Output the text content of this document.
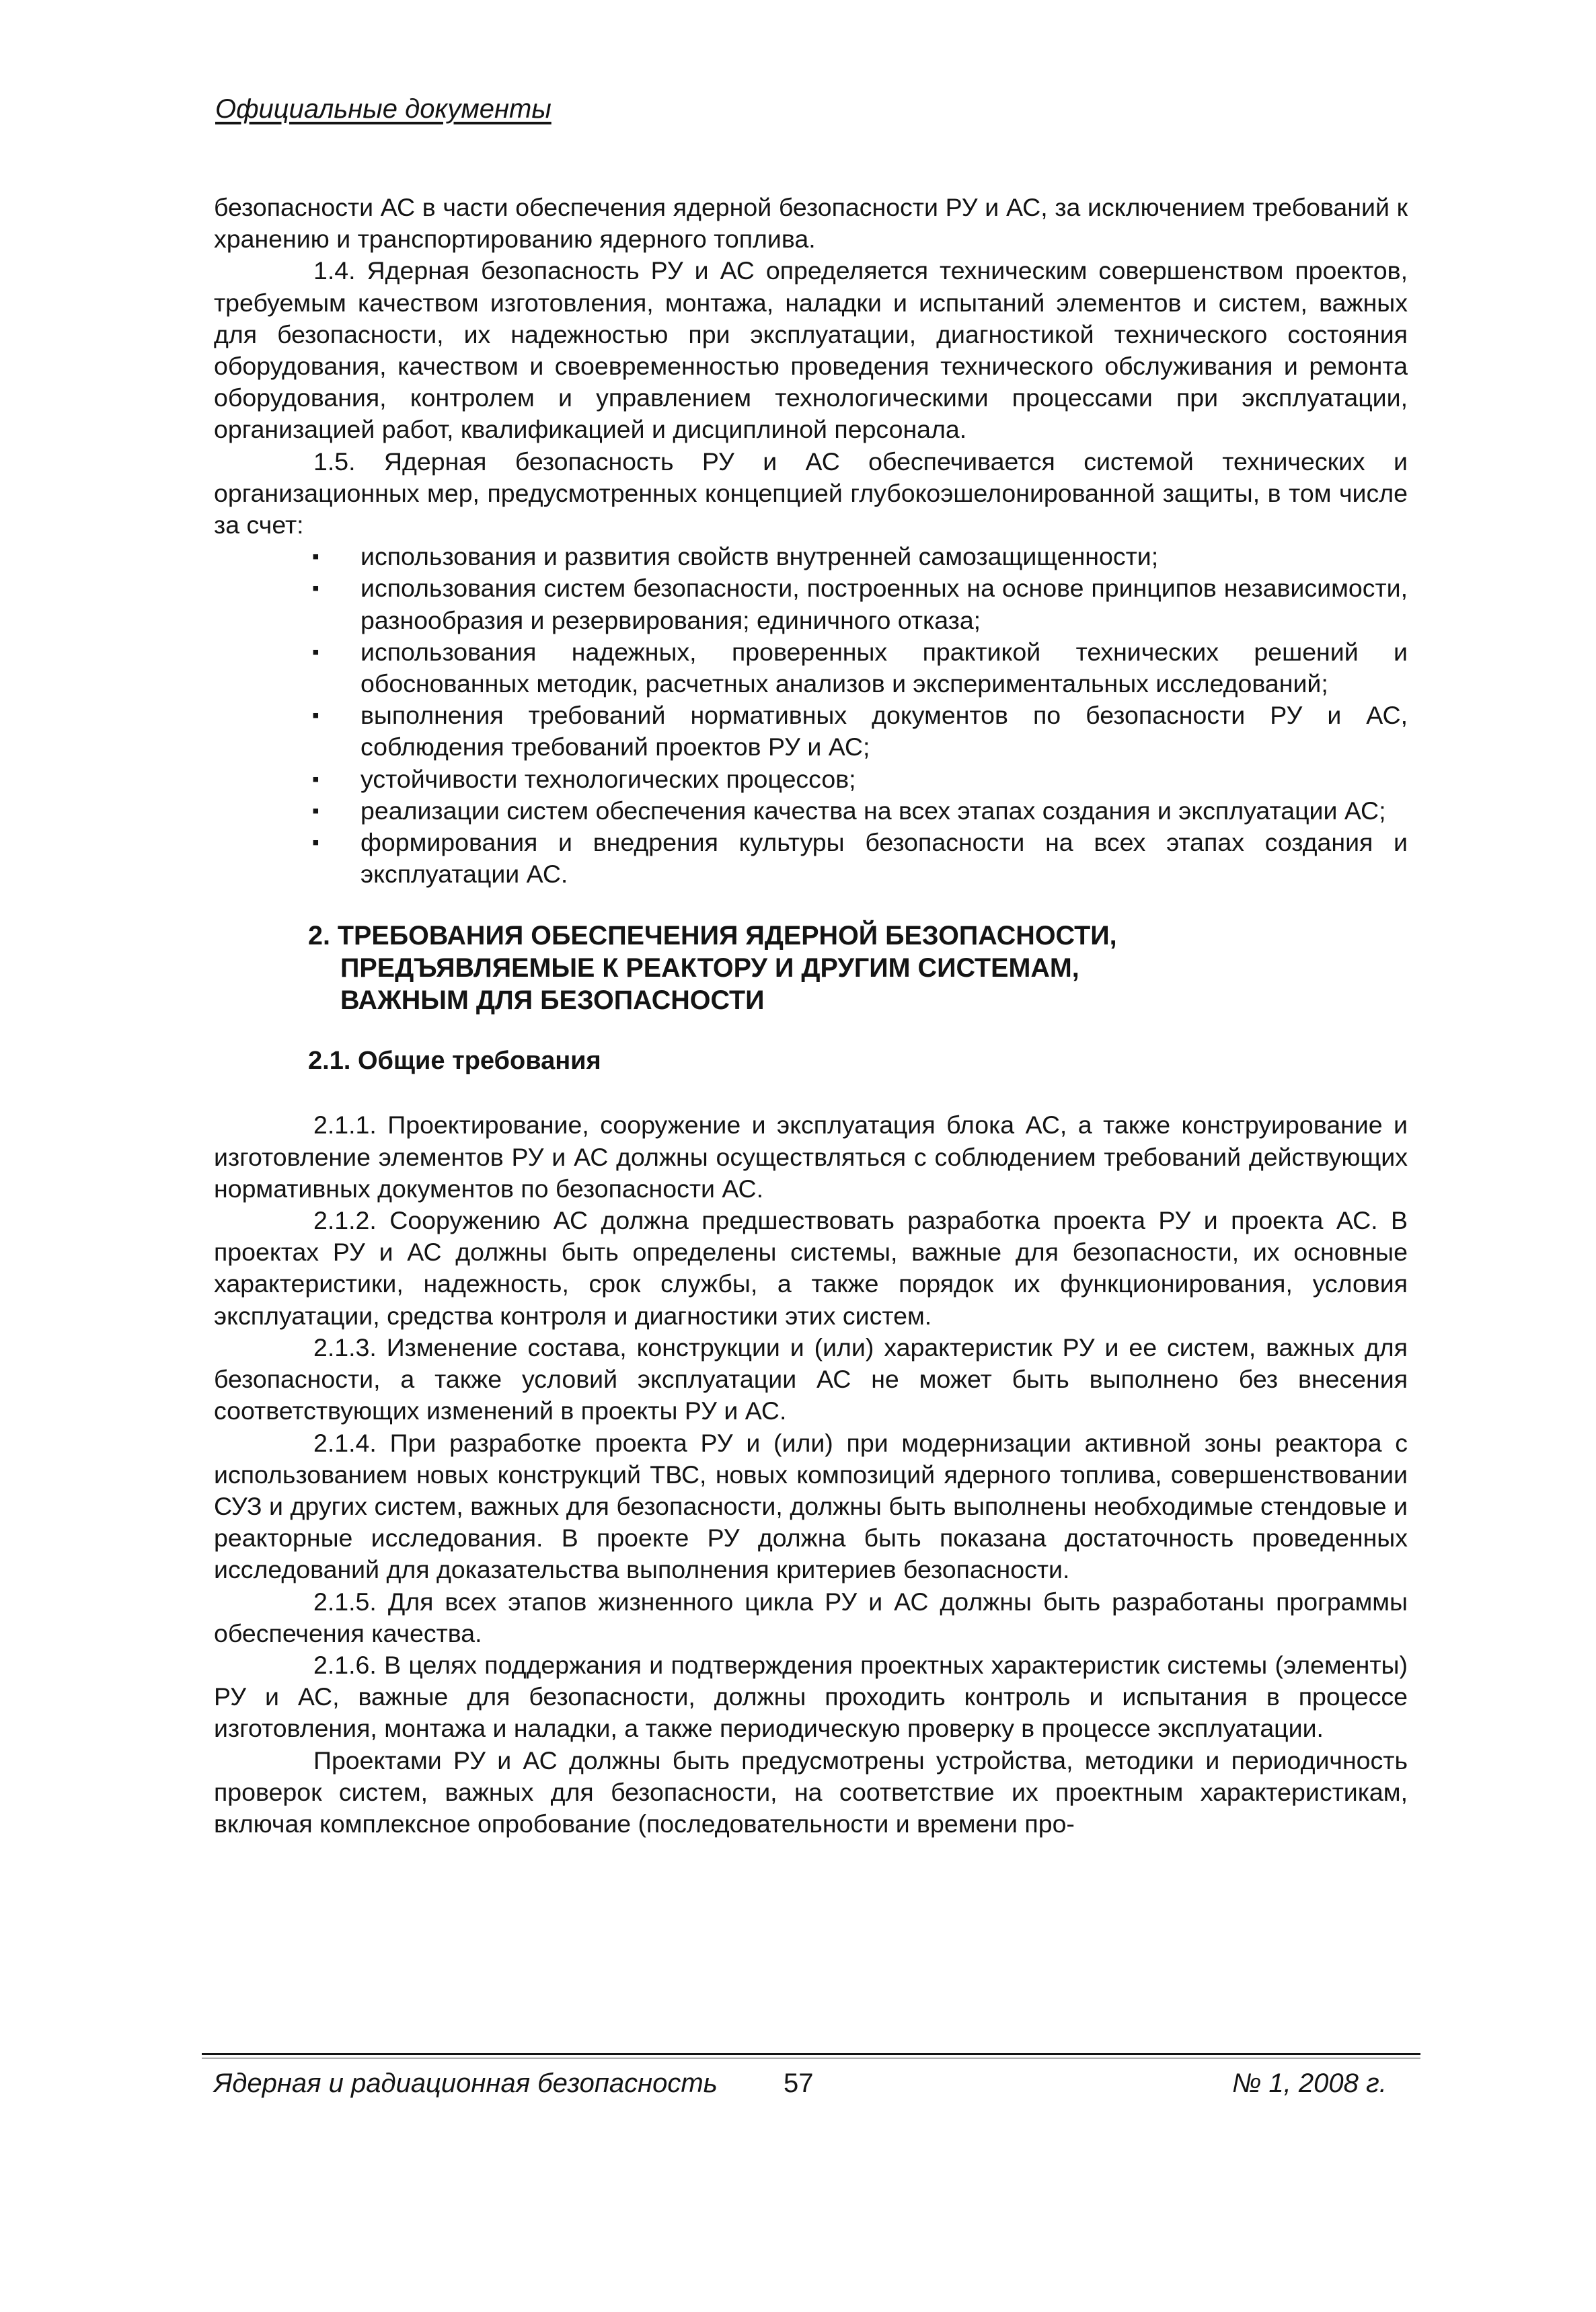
Официальные документы

безопасности АС в части обеспечения ядерной безопасности РУ и АС, за исключением требований к хранению и транспортированию ядерного топлива.

1.4. Ядерная безопасность РУ и АС определяется техническим совершенством проектов, требуемым качеством изготовления, монтажа, наладки и испытаний элементов и систем, важных для безопасности, их надежностью при эксплуатации, диагностикой технического состояния оборудования, качеством и своевременностью проведения технического обслуживания и ремонта оборудования, контролем и управлением технологическими процессами при эксплуатации, организацией работ, квалификацией и дисциплиной персонала.

1.5. Ядерная безопасность РУ и АС обеспечивается системой технических и организационных мер, предусмотренных концепцией глубокоэшелонированной защиты, в том числе за счет:

▪ использования и развития свойств внутренней самозащищенности;
▪ использования систем безопасности, построенных на основе принципов независимости, разнообразия и резервирования; единичного отказа;
▪ использования надежных, проверенных практикой технических решений и обоснованных методик, расчетных анализов и экспериментальных исследований;
▪ выполнения требований нормативных документов по безопасности РУ и АС, соблюдения требований проектов РУ и АС;
▪ устойчивости технологических процессов;
▪ реализации систем обеспечения качества на всех этапах создания и эксплуатации АС;
▪ формирования и внедрения культуры безопасности на всех этапах создания и эксплуатации АС.
2. ТРЕБОВАНИЯ ОБЕСПЕЧЕНИЯ ЯДЕРНОЙ БЕЗОПАСНОСТИ,
ПРЕДЪЯВЛЯЕМЫЕ К РЕАКТОРУ И ДРУГИМ СИСТЕМАМ,
ВАЖНЫМ ДЛЯ БЕЗОПАСНОСТИ
2.1. Общие требования

2.1.1. Проектирование, сооружение и эксплуатация блока АС, а также конструирование и изготовление элементов РУ и АС должны осуществляться с соблюдением требований действующих нормативных документов по безопасности АС.

2.1.2. Сооружению АС должна предшествовать разработка проекта РУ и проекта АС. В проектах РУ и АС должны быть определены системы, важные для безопасности, их основные характеристики, надежность, срок службы, а также порядок их функционирования, условия эксплуатации, средства контроля и диагностики этих систем.

2.1.3. Изменение состава, конструкции и (или) характеристик РУ и ее систем, важных для безопасности, а также условий эксплуатации АС не может быть выполнено без внесения соответствующих изменений в проекты РУ и АС.

2.1.4. При разработке проекта РУ и (или) при модернизации активной зоны реактора с использованием новых конструкций ТВС, новых композиций ядерного топлива, совершенствовании СУЗ и других систем, важных для безопасности, должны быть выполнены необходимые стендовые и реакторные исследования. В проекте РУ должна быть показана достаточность проведенных исследований для доказательства выполнения критериев безопасности.

2.1.5. Для всех этапов жизненного цикла РУ и АС должны быть разработаны программы обеспечения качества.

2.1.6. В целях поддержания и подтверждения проектных характеристик системы (элементы) РУ и АС, важные для безопасности, должны проходить контроль и испытания в процессе изготовления, монтажа и наладки, а также периодическую проверку в процессе эксплуатации.

Проектами РУ и АС должны быть предусмотрены устройства, методики и периодичность проверок систем, важных для безопасности, на соответствие их проектным характеристикам, включая комплексное опробование (последовательности и времени про-

Ядерная и радиационная безопасность 57	№ 1, 2008 г.
